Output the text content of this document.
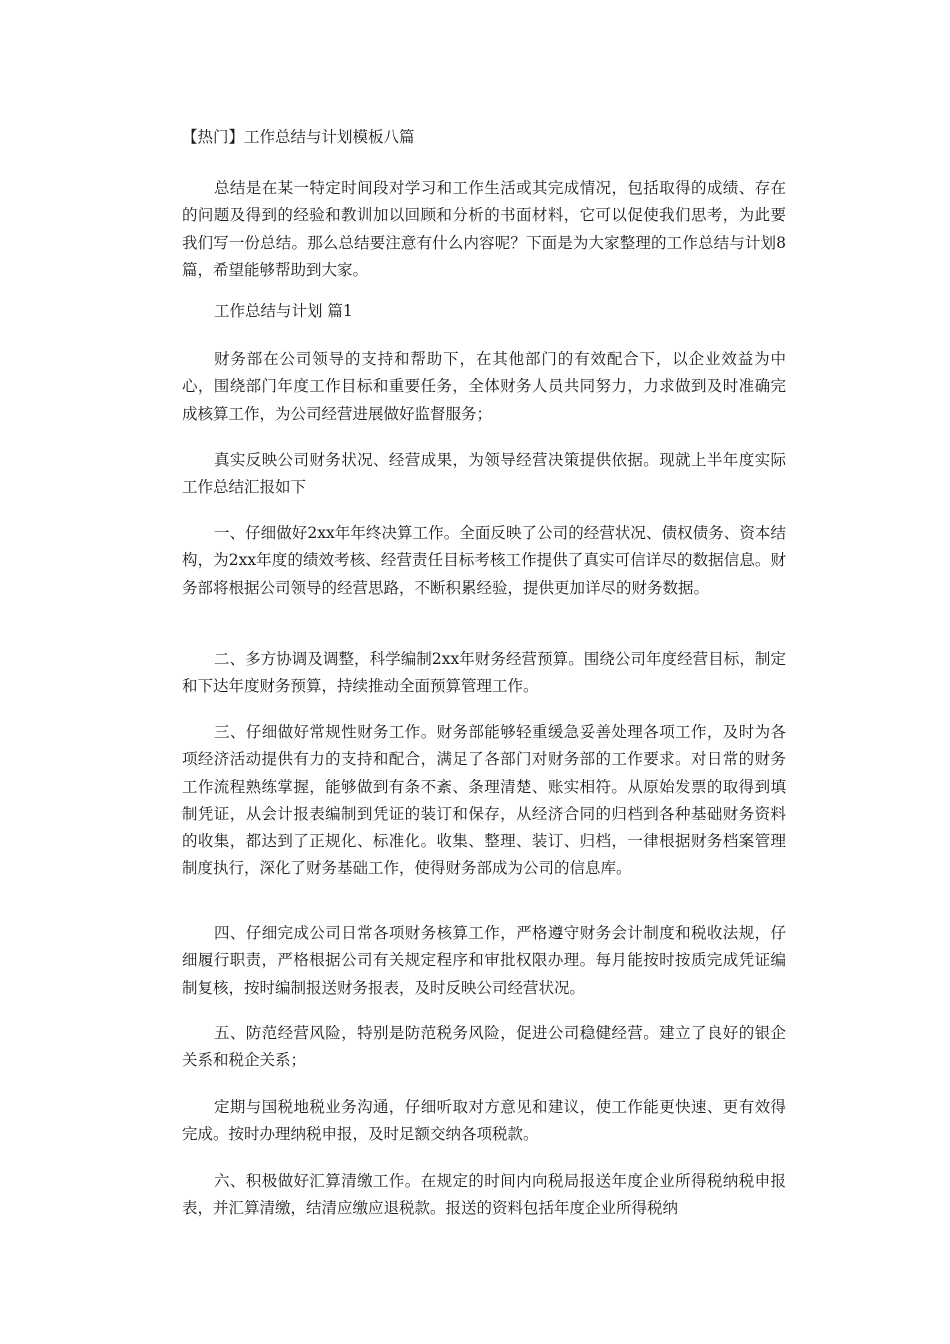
【热门】工作总结与计划模板八篇

总结是在某一特定时间段对学习和工作生活或其完成情况，包括取得的成绩、存在的问题及得到的经验和教训加以回顾和分析的书面材料，它可以促使我们思考，为此要我们写一份总结。那么总结要注意有什么内容呢？下面是为大家整理的工作总结与计划8篇，希望能够帮助到大家。

工作总结与计划 篇1

财务部在公司领导的支持和帮助下，在其他部门的有效配合下，以企业效益为中心，围绕部门年度工作目标和重要任务，全体财务人员共同努力，力求做到及时准确完成核算工作，为公司经营进展做好监督服务；

真实反映公司财务状况、经营成果，为领导经营决策提供依据。现就上半年度实际工作总结汇报如下

一、仔细做好2xx年年终决算工作。全面反映了公司的经营状况、债权债务、资本结构，为2xx年度的绩效考核、经营责任目标考核工作提供了真实可信详尽的数据信息。财务部将根据公司领导的经营思路，不断积累经验，提供更加详尽的财务数据。

二、多方协调及调整，科学编制2xx年财务经营预算。围绕公司年度经营目标，制定和下达年度财务预算，持续推动全面预算管理工作。

三、仔细做好常规性财务工作。财务部能够轻重缓急妥善处理各项工作，及时为各项经济活动提供有力的支持和配合，满足了各部门对财务部的工作要求。对日常的财务工作流程熟练掌握，能够做到有条不紊、条理清楚、账实相符。从原始发票的取得到填制凭证，从会计报表编制到凭证的装订和保存，从经济合同的归档到各种基础财务资料的收集，都达到了正规化、标准化。收集、整理、装订、归档，一律根据财务档案管理制度执行，深化了财务基础工作，使得财务部成为公司的信息库。

四、仔细完成公司日常各项财务核算工作，严格遵守财务会计制度和税收法规，仔细履行职责，严格根据公司有关规定程序和审批权限办理。每月能按时按质完成凭证编制复核，按时编制报送财务报表，及时反映公司经营状况。

五、防范经营风险，特别是防范税务风险，促进公司稳健经营。建立了良好的银企关系和税企关系；

定期与国税地税业务沟通，仔细听取对方意见和建议，使工作能更快速、更有效得完成。按时办理纳税申报，及时足额交纳各项税款。

六、积极做好汇算清缴工作。在规定的时间内向税局报送年度企业所得税纳税申报表，并汇算清缴，结清应缴应退税款。报送的资料包括年度企业所得税纳
